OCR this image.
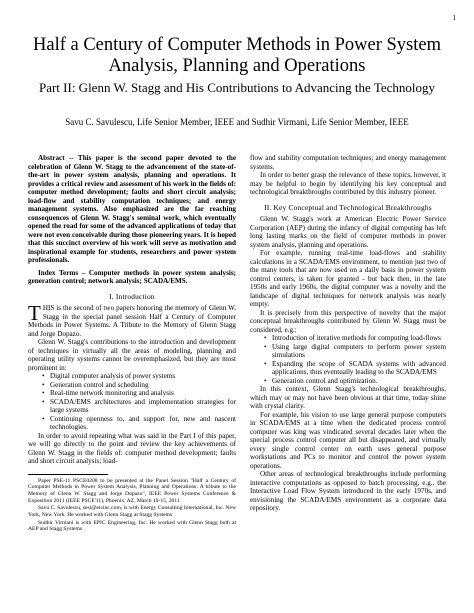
1
Half a Century of Computer Methods in Power System Analysis, Planning and Operations
Part II: Glenn W. Stagg and His Contributions to Advancing the Technology
Savu C. Savulescu, Life Senior Member, IEEE and Sudhir Virmani, Life Senior Member, IEEE

Abstract -- This paper is the second paper devoted to the celebration of Glenn W. Stagg to the advancement of the state-of-the-art in power system analysis, planning and operations. It provides a critical review and assessment of his work in the fields of: computer method development; faults and short circuit analysis; load-flow and stability computation techniques; and energy management systems. Also emphasized are the far reaching consequences of Glenn W. Stagg's seminal work, which eventually opened the road for some of the advanced applications of today that were not even conceivable during those pioneering years. It is hoped that this succinct overview of his work will serve as motivation and inspirational example for students, researchers and power system professionals.

Index Terms – Computer methods in power system analysis; generation control; network analysis; SCADA/EMS.

I. Introduction

THIS is the second of two papers honoring the memory of Glenn W. Stagg in the special panel session Half a Century of Computer Methods in Power Systems. A Tribute to the Memory of Glenn Stagg and Jorge Dopazo.

Glenn W. Stagg's contributions to the introduction and development of techniques in virtually all the areas of modeling, planning and operating utility systems cannot be overemphasized, but they are most prominent in:

• Digital computer analysis of power systems
• Generation control and scheduling
• Real-time network monitoring and analysis
• SCADA/EMS architectures and implementation strategies for large systems
• Continuing openness to, and support for, new and nascent technologies.

In order to avoid repeating what was said in the Part I of this paper, we will go directly to the point and review the key achievements of Glenn W. Stagg in the fields of: computer method development; faults and short circuit analysis; load-

Paper PSE-11 PSCE0208 to be presented at the Panel Session "Half a Century of Computer Methods in Power System Analysis, Planning and Operations. A tribute to the Memory of Glenn W. Stagg and Jorge Dopazo", IEEE Power Systems Conference & Exposition 2011 (IEEE PSCE'11), Phoenix, AZ, March 10-15, 2011

Savu C. Savulescu, sesi@eicinc.com, is with Energy Consulting International, Inc. New York, New York. He worked with Glenn Stagg at Stagg Systems

Sudhir Virmani is with EPIC Engineering, Inc. He worked with Glenn Stagg both at AEP and Stagg Systems

flow and stability computation techniques; and energy management systems.

In order to better grasp the relevance of these topics, however, it may be helpful to begin by identifying his key conceptual and technological breakthroughs contributed by this industry pioneer.

II. Key Conceptual and Technological Breakthroughs

Glenn W. Stagg's work at American Electric Power Service Corporation (AEP) during the infancy of digital computing has left long lasting marks on the field of computer methods in power system analysis, planning and operations.

For example, running real-time load-flows and stability calculations in a SCADA/EMS environment, to mention just two of the many tools that are now used on a daily basis in power system control centers, is taken for granted - but back then, in the late 1950s and early 1960s, the digital computer was a novelty and the landscape of digital techniques for network analysis was nearly empty.

It is precisely from this perspective of novelty that the major conceptual breakthroughs contributed by Glenn W. Stagg must be considered, e.g.:

• Introduction of iterative methods for computing load-flows
• Using large digital computers to perform power system simulations
• Expanding the scope of SCADA systems with advanced applications, thus eventually leading to the SCADA/EMS
• Generation control and optimization.

In this context, Glenn Stagg's technological breakthroughs, which may or may not have been obvious at that time, today shine with crystal clarity.

For example, his vision to use large general purpose computers in SCADA/EMS at a time when the dedicated process control computer was king was vindicated several decades later when the special process control computer all but disappeared, and virtually every single control center on earth uses general purpose workstations and PCs to monitor and control the power system operations.

Other areas of technological breakthroughs include performing interactive computations as opposed to batch processing, e.g., the Interactive Load Flow System introduced in the early 1970s, and envisioning the SCADA/EMS environment as a corporate data repository.
